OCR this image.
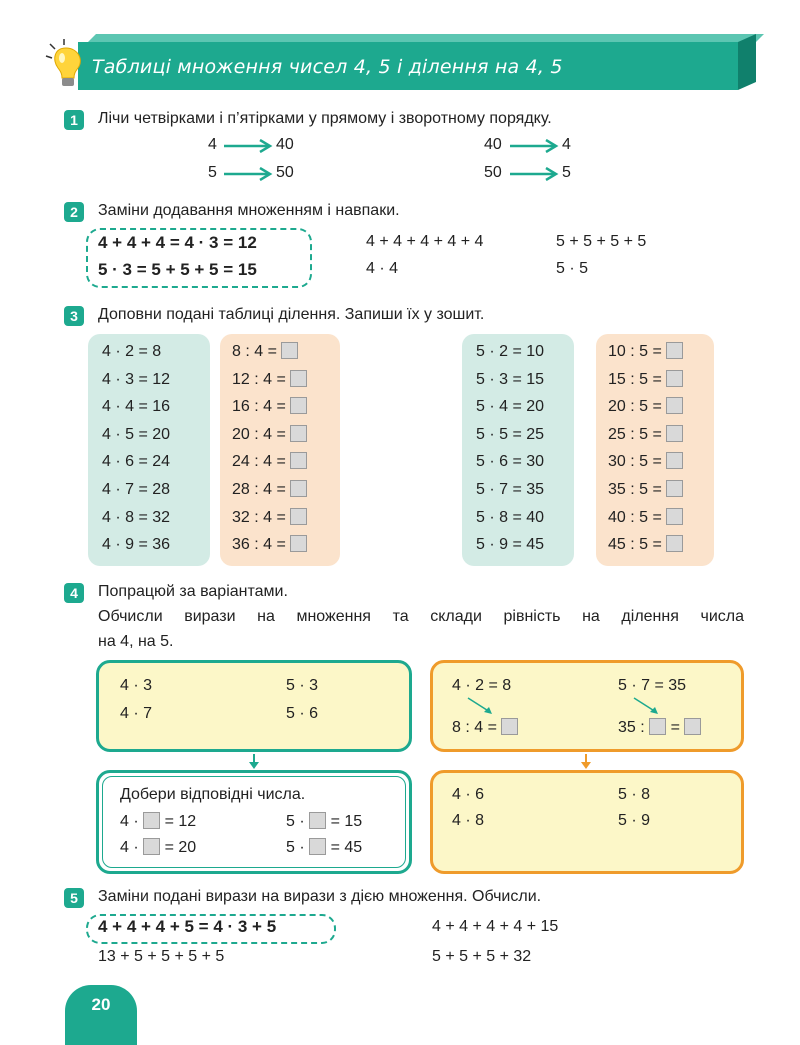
Таблиці множення чисел 4, 5 і ділення на 4, 5
1	Лічи четвірками і п’ятірками у прямому і зворотному порядку.
4	40
5	50
40	4
50	5
2	Заміни додавання множенням і навпаки.
4 + 4 + 4 = 4 · 3 = 12
5 · 3 = 5 + 5 + 5 = 15
4 + 4 + 4 + 4 + 4	5 + 5 + 5 + 5
4 · 4	5 · 5
3	Доповни подані таблиці ділення. Запиши їх у зошит.
4 · 2 = 8
4 · 3 = 12
4 · 4 = 16
4 · 5 = 20
4 · 6 = 24
4 · 7 = 28
4 · 8 = 32
4 · 9 = 36
8 : 4 =
12 : 4 =
16 : 4 =
20 : 4 =
24 : 4 =
28 : 4 =
32 : 4 =
36 : 4 =
5 · 2 = 10
5 · 3 = 15
5 · 4 = 20
5 · 5 = 25
5 · 6 = 30
5 · 7 = 35
5 · 8 = 40
5 · 9 = 45
10 : 5 =
15 : 5 =
20 : 5 =
25 : 5 =
30 : 5 =
35 : 5 =
40 : 5 =
45 : 5 =
4	Попрацюй за варіантами.
Обчисли вирази на множення та склади рівність на ділення числа
на 4, на 5.
4 · 3	5 · 3
4 · 7	5 · 6
4 · 2 = 8	5 · 7 = 35
8 : 4 =	35 : =
Добери відповідні числа.
4 · = 12	5 · = 15
4 · = 20	5 · = 45
4 · 6	5 · 8
4 · 8	5 · 9
5	Заміни подані вирази на вирази з дією множення. Обчисли.
4 + 4 + 4 + 5 = 4 · 3 + 5	4 + 4 + 4 + 4 + 15
13 + 5 + 5 + 5 + 5	5 + 5 + 5 + 32
20
